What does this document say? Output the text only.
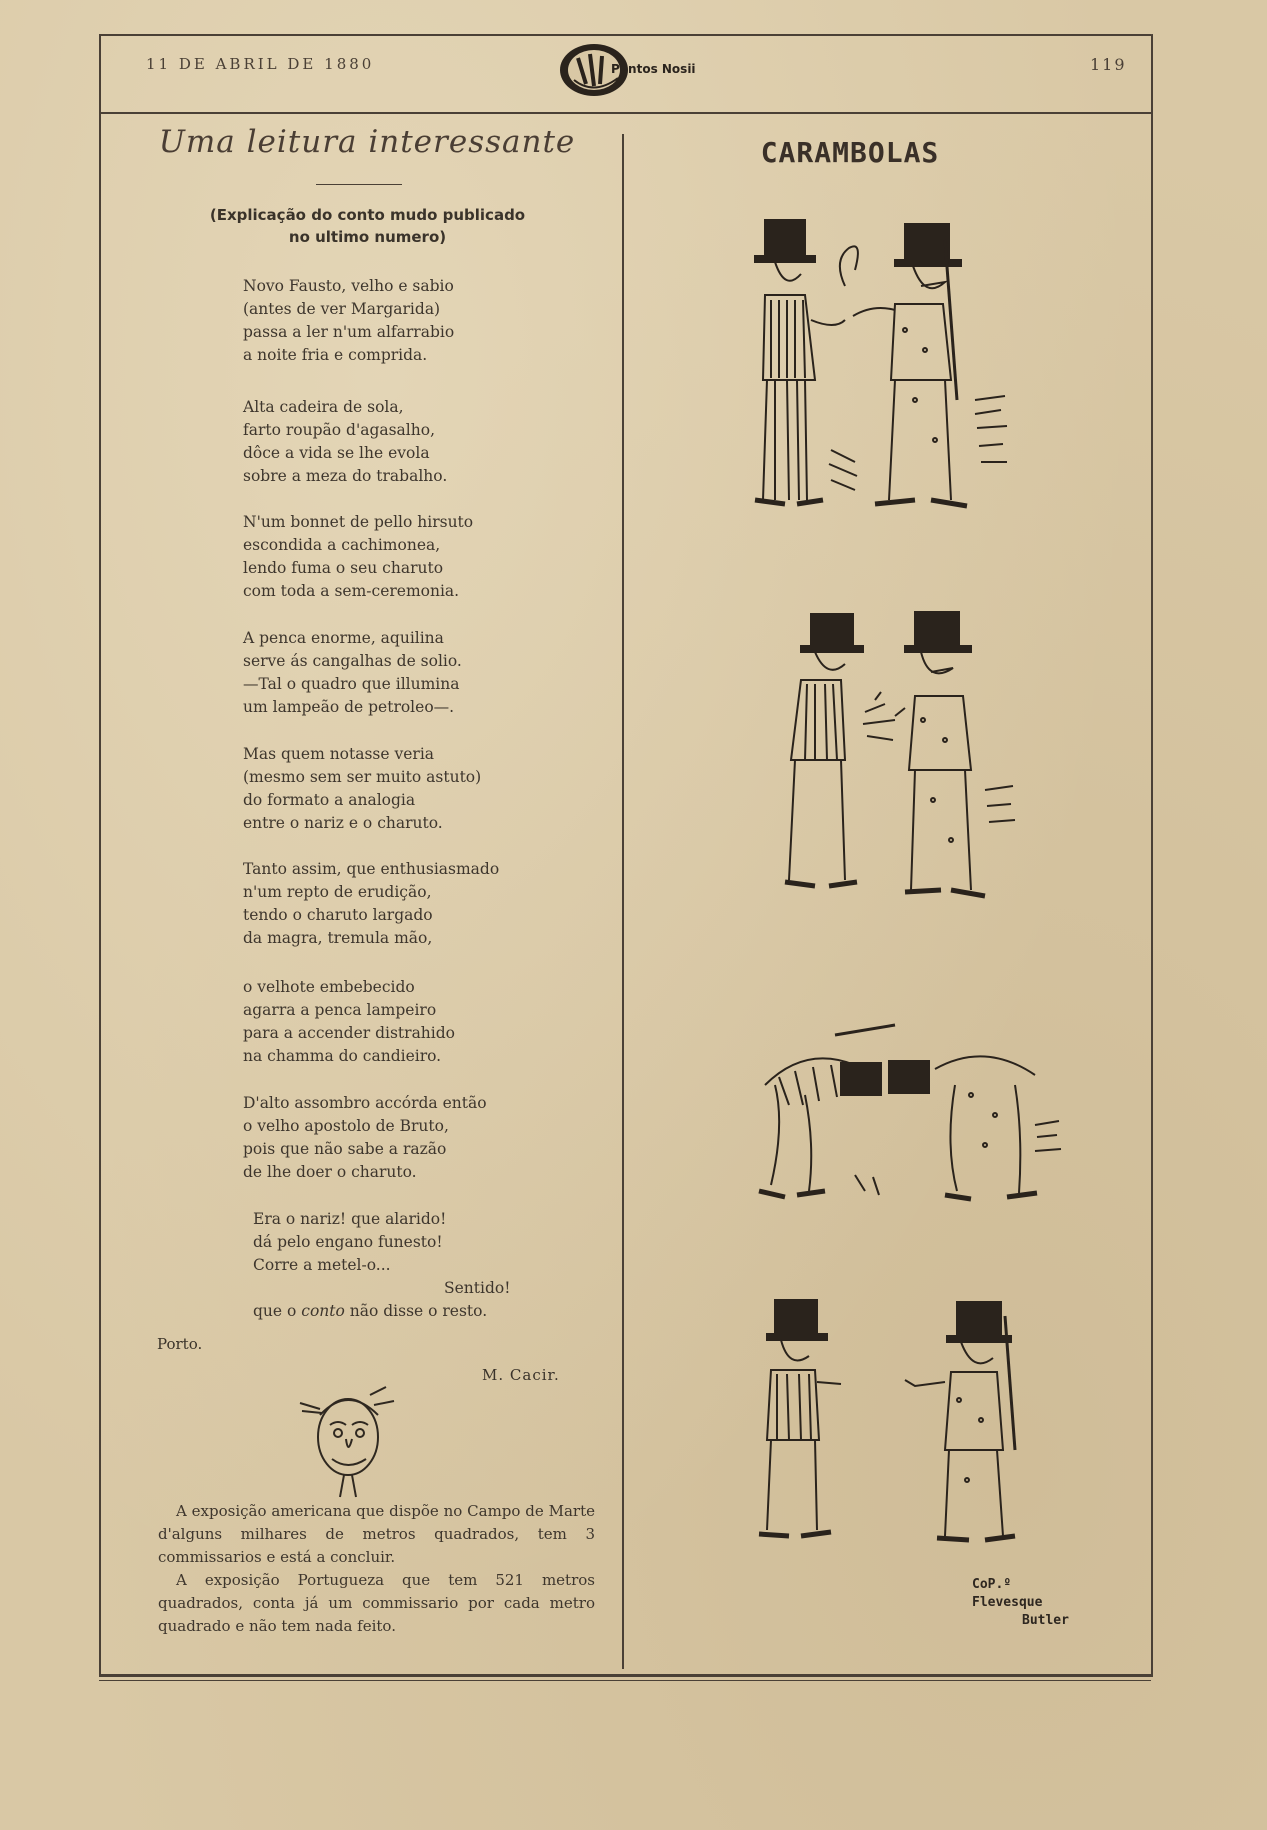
11 DE ABRIL DE 1880	Pontos Nosii	119
Uma leitura interessante
(Explicação do conto mudo publicado
no ultimo numero)
Novo Fausto, velho e sabio
(antes de ver Margarida)
passa a ler n'um alfarrabio
a noite fria e comprida.
Alta cadeira de sola,
farto roupão d'agasalho,
dôce a vida se lhe evola
sobre a meza do trabalho.
N'um bonnet de pello hirsuto
escondida a cachimonea,
lendo fuma o seu charuto
com toda a sem-ceremonia.
A penca enorme, aquilina
serve ás cangalhas de solio.
—Tal o quadro que illumina
um lampeão de petroleo—.
Mas quem notasse veria
(mesmo sem ser muito astuto)
do formato a analogia
entre o nariz e o charuto.
Tanto assim, que enthusiasmado
n'um repto de erudição,
tendo o charuto largado
da magra, tremula mão,
o velhote embebecido
agarra a penca lampeiro
para a accender distrahido
na chamma do candieiro.
D'alto assombro accórda então
o velho apostolo de Bruto,
pois que não sabe a razão
de lhe doer o charuto.
Era o nariz! que alarido!
dá pelo engano funesto!
Corre a metel-o...
Sentido!
que o conto não disse o resto.
Porto.
M. Cacir.

A exposição americana que dispõe no Campo de Marte d'alguns milhares de metros quadrados, tem 3 commissarios e está a concluir.

A exposição Portugueza que tem 521 metros quadrados, conta já um commissario por cada metro quadrado e não tem nada feito.

CARAMBOLAS
CoP.º
Flevesque
Butler
